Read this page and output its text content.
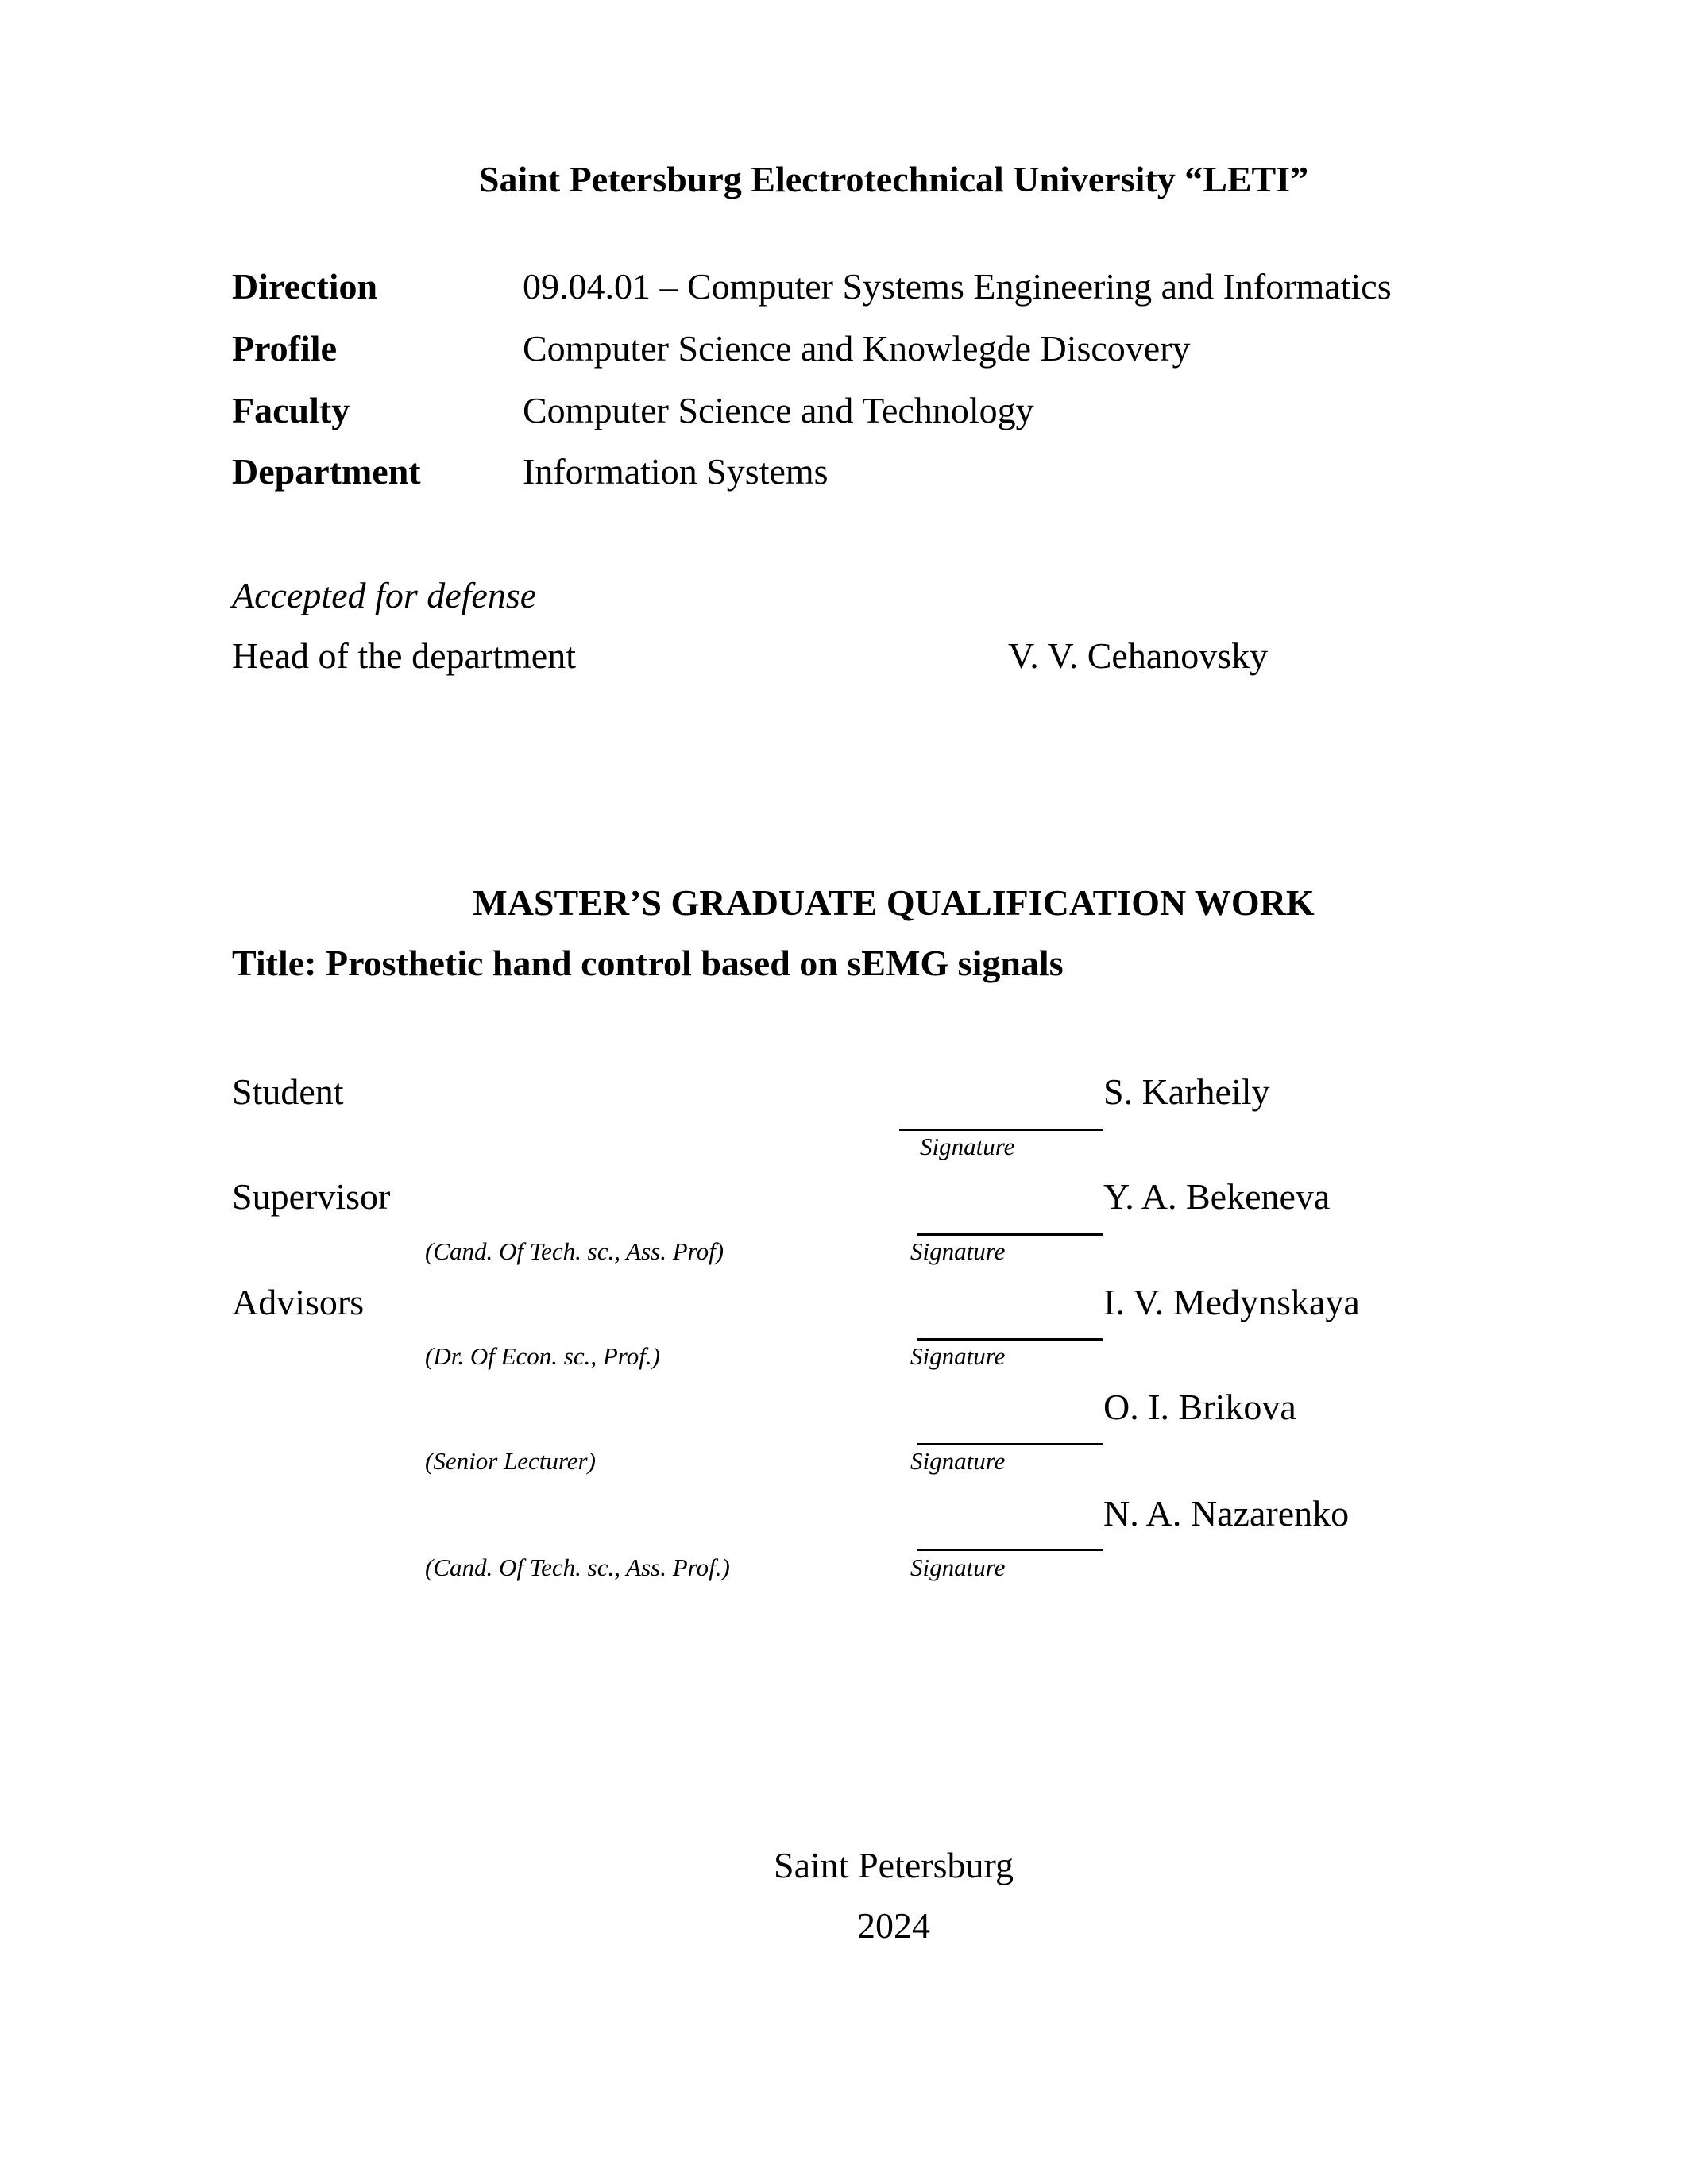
Saint Petersburg Electrotechnical University “LETI”
Direction	09.04.01 – Computer Systems Engineering and Informatics
Profile	Computer Science and Knowlegde Discovery
Faculty	Computer Science and Technology
Department	Information Systems
Accepted for defense
Head of the department	V. V. Cehanovsky
MASTER’S GRADUATE QUALIFICATION WORK
Title: Prosthetic hand control based on sEMG signals
Student	S. Karheily
Signature
Supervisor	Y. A. Bekeneva
(Cand. Of Tech. sc., Ass. Prof)	Signature
Advisors	I. V. Medynskaya
(Dr. Of Econ. sc., Prof.)	Signature
O. I. Brikova
(Senior Lecturer)	Signature
N. A. Nazarenko
(Cand. Of Tech. sc., Ass. Prof.)	Signature
Saint Petersburg
2024
